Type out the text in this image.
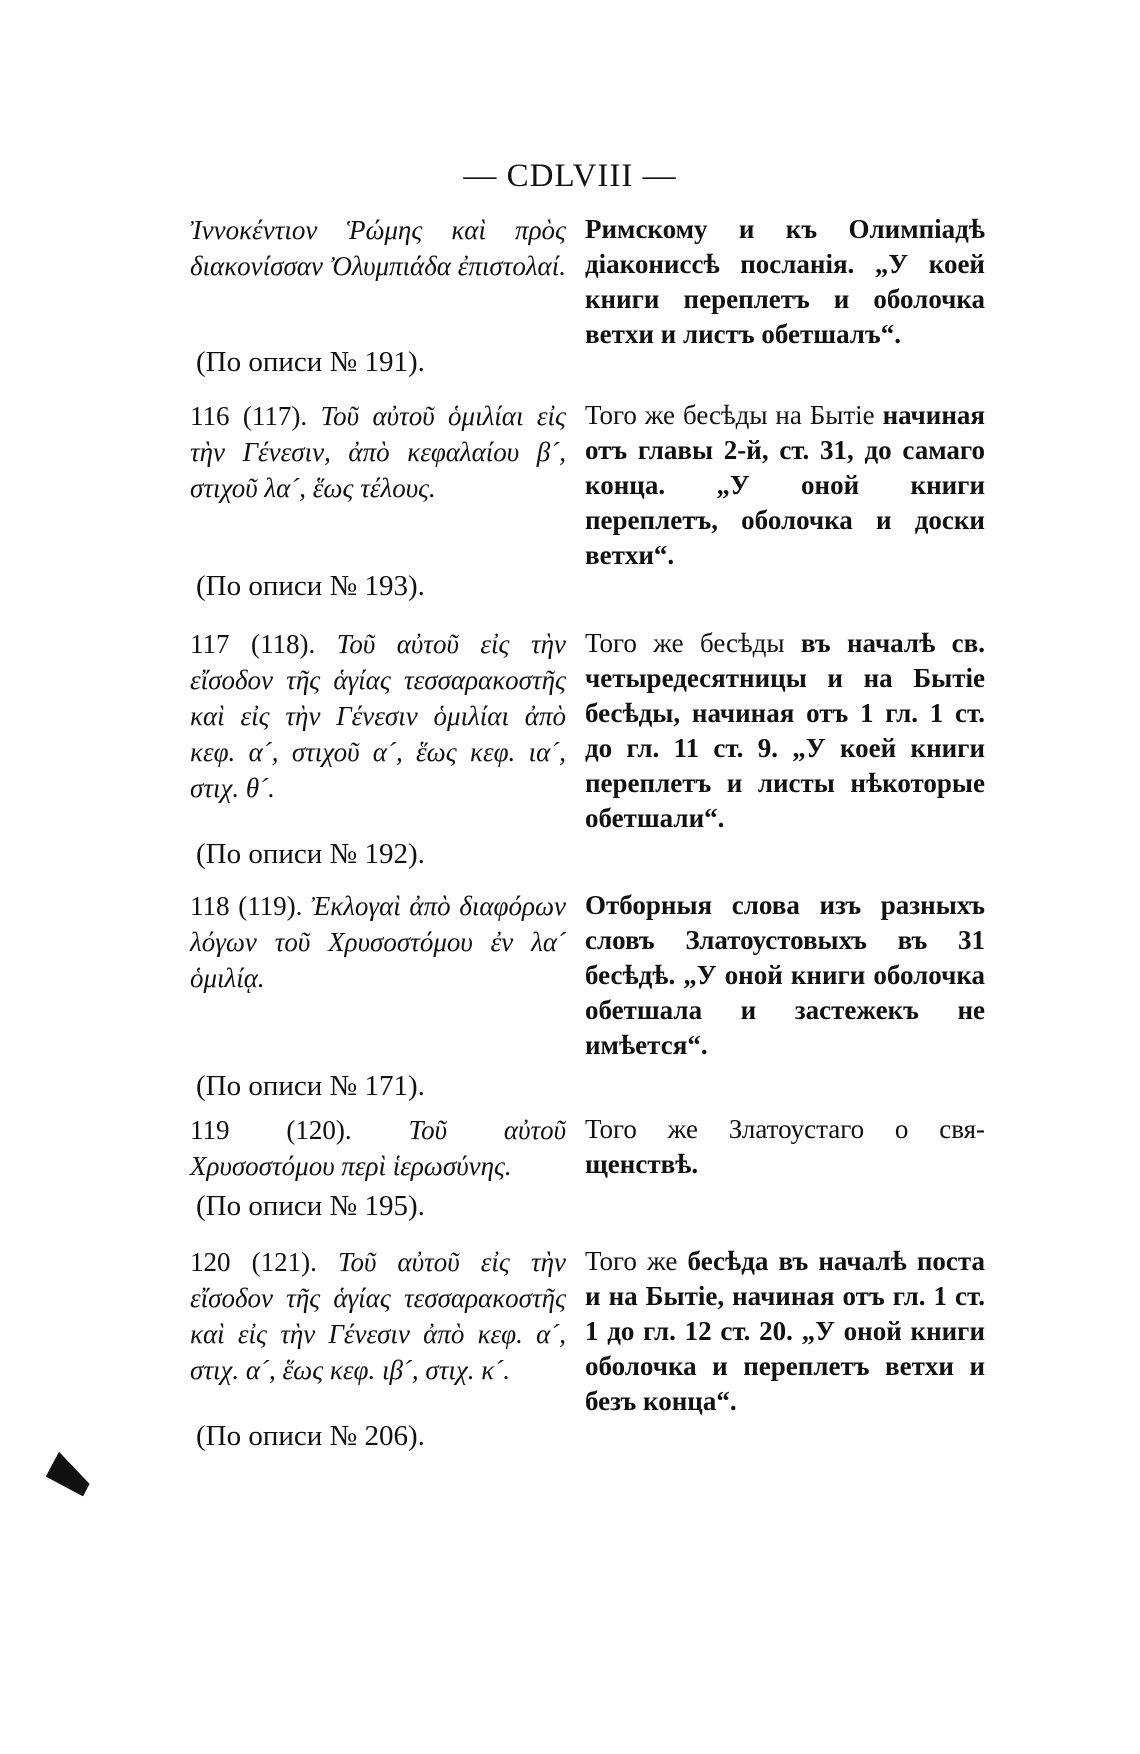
— CDLVIII —
Ἰννοκέντιον Ῥώμης καὶ πρὸς διακονίσσαν Ὀλυμπιάδα ἐπιστολαί.
Римскому и къ Олимпіадѣ діакониссѣ посланія. „У коей книги переплетъ и оболочка ветхи и листъ обетшалъ“.
(По описи № 191).
116 (117). Τοῦ αὐτοῦ ὁμιλίαι εἰς τὴν Γένεσιν, ἀπὸ κεφαλαίου β´, στιχοῦ λα´, ἕως τέλους.
Того же бесѣды на Бытіе начиная отъ главы 2-й, ст. 31, до самаго конца. „У оной книги переплетъ, оболочка и доски ветхи“.
(По описи № 193).
117 (118). Τοῦ αὐτοῦ εἰς τὴν εἴσοδον τῆς ἁγίας τεσσαρακοστῆς καὶ εἰς τὴν Γένεσιν ὁμιλίαι ἀπὸ κεφ. α´, στιχοῦ α´, ἕως κεφ. ια´, στιχ. θ´.
Того же бесѣды въ началѣ св. четыредесятницы и на Бытіе бесѣды, начиная отъ 1 гл. 1 ст. до гл. 11 ст. 9. „У коей книги переплетъ и листы нѣкоторые обетшали“.
(По описи № 192).
118 (119). Ἐκλογαὶ ἀπὸ διαφόρων λόγων τοῦ Χρυσοστόμου ἐν λα´ ὁμιλίᾳ.
Отборныя слова изъ разныхъ словъ Златоустовыхъ въ 31 бесѣдѣ. „У оной книги оболочка обетшала и застежекъ не имѣется“.
(По описи № 171).
119 (120). Τοῦ αὐτοῦ Χρυσοστόμου περὶ ἱερωσύνης.
Того же Златоустаго о свя- щенствѣ.
(По описи № 195).
120 (121). Τοῦ αὐτοῦ εἰς τὴν εἴσοδον τῆς ἁγίας τεσσαρακοστῆς καὶ εἰς τὴν Γένεσιν ἀπὸ κεφ. α´, στιχ. α´, ἕως κεφ. ιβ´, στιχ. κ´.
Того же бесѣда въ началѣ поста и на Бытіе, начиная отъ гл. 1 ст. 1 до гл. 12 ст. 20. „У оной книги оболочка и переплетъ ветхи и безъ конца“.
(По описи № 206).
